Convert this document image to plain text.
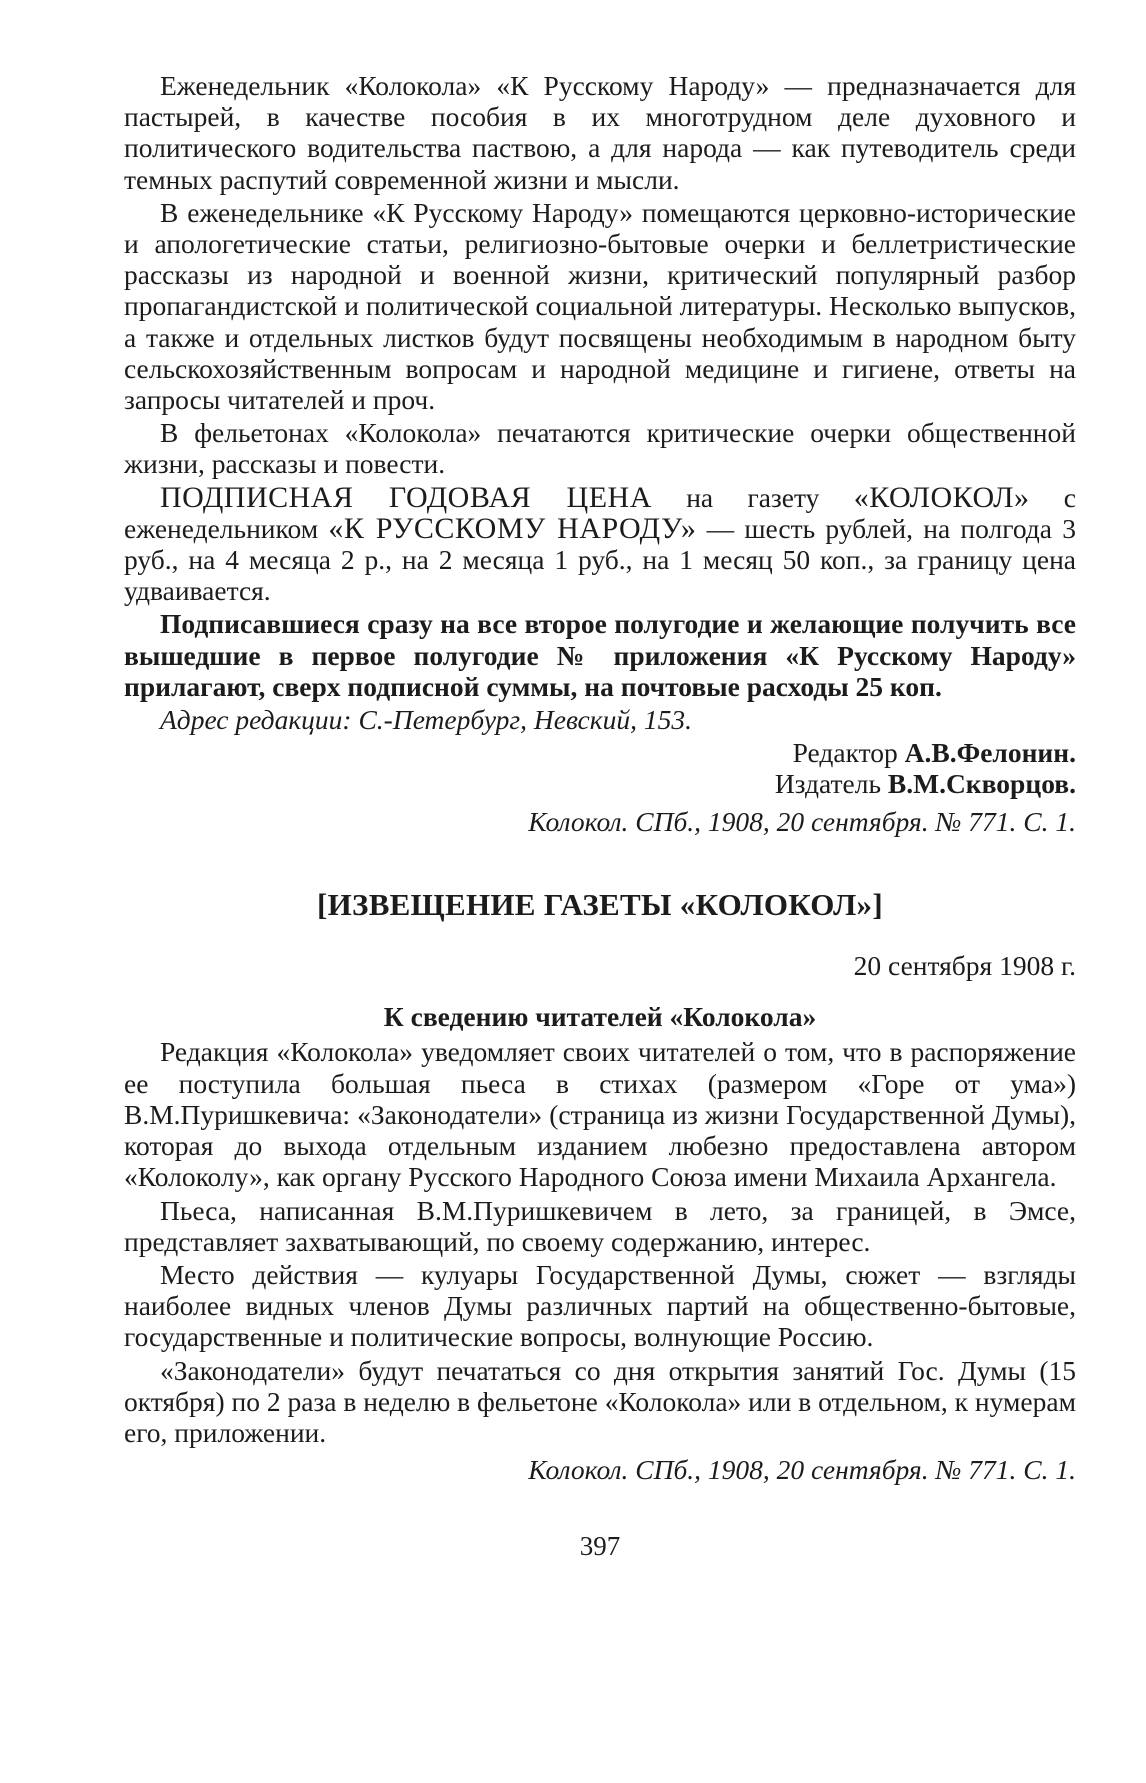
Еженедельник «Колокола» «К Русскому Народу» — предназначается для пастырей, в качестве пособия в их многотрудном деле духовного и политического водительства паствою, а для народа — как путеводитель среди темных распутий современной жизни и мысли.

В еженедельнике «К Русскому Народу» помещаются церковно-исторические и апологетические статьи, религиозно-бытовые очерки и беллетристические рассказы из народной и военной жизни, критический популярный разбор пропагандистской и политической социальной литературы. Несколько выпусков, а также и отдельных листков будут посвящены необходимым в народном быту сельскохозяйственным вопросам и народной медицине и гигиене, ответы на запросы читателей и проч.

В фельетонах «Колокола» печатаются критические очерки общественной жизни, рассказы и повести.

ПОДПИСНАЯ ГОДОВАЯ ЦЕНА на газету «КОЛОКОЛ» с еженедельником «К РУССКОМУ НАРОДУ» — шесть рублей, на полгода 3 руб., на 4 месяца 2 р., на 2 месяца 1 руб., на 1 месяц 50 коп., за границу цена удваивается.

Подписавшиеся сразу на все второе полугодие и желающие получить все вышедшие в первое полугодие № приложения «К Русскому Народу» прилагают, сверх подписной суммы, на почтовые расходы 25 коп.

Адрес редакции: С.-Петербург, Невский, 153.

Редактор А.В.Фелонин.
Издатель В.М.Скворцов.
Колокол. СПб., 1908, 20 сентября. № 771. С. 1.
[ИЗВЕЩЕНИЕ ГАЗЕТЫ «КОЛОКОЛ»]
20 сентября 1908 г.
К сведению читателей «Колокола»

Редакция «Колокола» уведомляет своих читателей о том, что в распоряжение ее поступила большая пьеса в стихах (размером «Горе от ума») В.М.Пуришкевича: «Законодатели» (страница из жизни Государственной Думы), которая до выхода отдельным изданием любезно предоставлена автором «Колоколу», как органу Русского Народного Союза имени Михаила Архангела.

Пьеса, написанная В.М.Пуришкевичем в лето, за границей, в Эмсе, представляет захватывающий, по своему содержанию, интерес.

Место действия — кулуары Государственной Думы, сюжет — взгляды наиболее видных членов Думы различных партий на общественно-бытовые, государственные и политические вопросы, волнующие Россию.

«Законодатели» будут печататься со дня открытия занятий Гос. Думы (15 октября) по 2 раза в неделю в фельетоне «Колокола» или в отдельном, к нумерам его, приложении.

Колокол. СПб., 1908, 20 сентября. № 771. С. 1.
397
